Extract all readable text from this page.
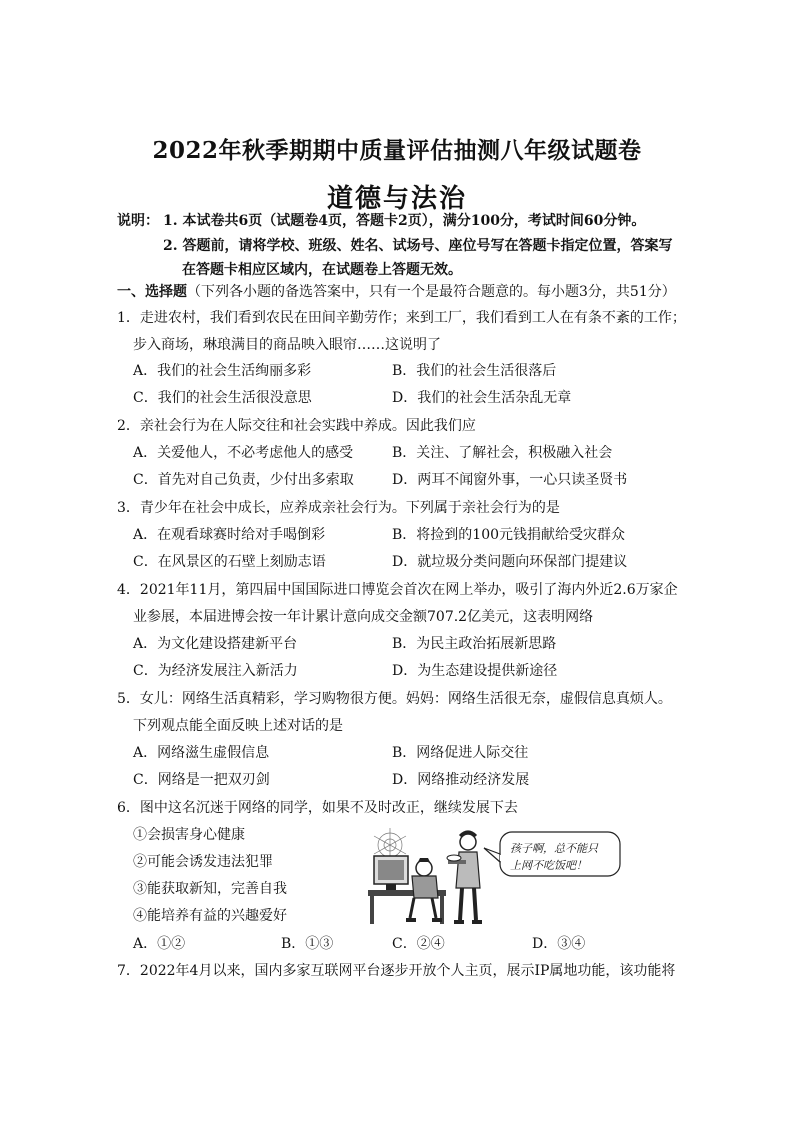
2022年秋季期期中质量评估抽测八年级试题卷
道德与法治
说明： 1. 本试卷共6页（试题卷4页，答题卡2页），满分100分，考试时间60分钟。
2. 答题前，请将学校、班级、姓名、试场号、座位号写在答题卡指定位置，答案写
在答题卡相应区域内，在试题卷上答题无效。
一、选择题（下列各小题的备选答案中，只有一个是最符合题意的。每小题3分，共51分）
1．走进农村，我们看到农民在田间辛勤劳作；来到工厂，我们看到工人在有条不紊的工作；
步入商场，琳琅满目的商品映入眼帘……这说明了
A．我们的社会生活绚丽多彩	B．我们的社会生活很落后
C．我们的社会生活很没意思	D．我们的社会生活杂乱无章
2．亲社会行为在人际交往和社会实践中养成。因此我们应
A．关爱他人，不必考虑他人的感受	B．关注、了解社会，积极融入社会
C．首先对自己负责，少付出多索取	D．两耳不闻窗外事，一心只读圣贤书
3．青少年在社会中成长，应养成亲社会行为。下列属于亲社会行为的是
A．在观看球赛时给对手喝倒彩	B．将捡到的100元钱捐献给受灾群众
C．在风景区的石壁上刻励志语	D．就垃圾分类问题向环保部门提建议
4．2021年11月，第四届中国国际进口博览会首次在网上举办，吸引了海内外近2.6万家企
业参展，本届进博会按一年计累计意向成交金额707.2亿美元，这表明网络
A．为文化建设搭建新平台	B．为民主政治拓展新思路
C．为经济发展注入新活力	D．为生态建设提供新途径
5．女儿：网络生活真精彩，学习购物很方便。妈妈：网络生活很无奈，虚假信息真烦人。
下列观点能全面反映上述对话的是
A．网络滋生虚假信息	B．网络促进人际交往
C．网络是一把双刃剑	D．网络推动经济发展
6．图中这名沉迷于网络的同学，如果不及时改正，继续发展下去
①会损害身心健康
②可能会诱发违法犯罪
③能获取新知，完善自我
④能培养有益的兴趣爱好
A．①②	B．①③	C．②④	D．③④
孩子啊，总不能只
上网不吃饭吧！
7．2022年4月以来，国内多家互联网平台逐步开放个人主页，展示IP属地功能，该功能将
